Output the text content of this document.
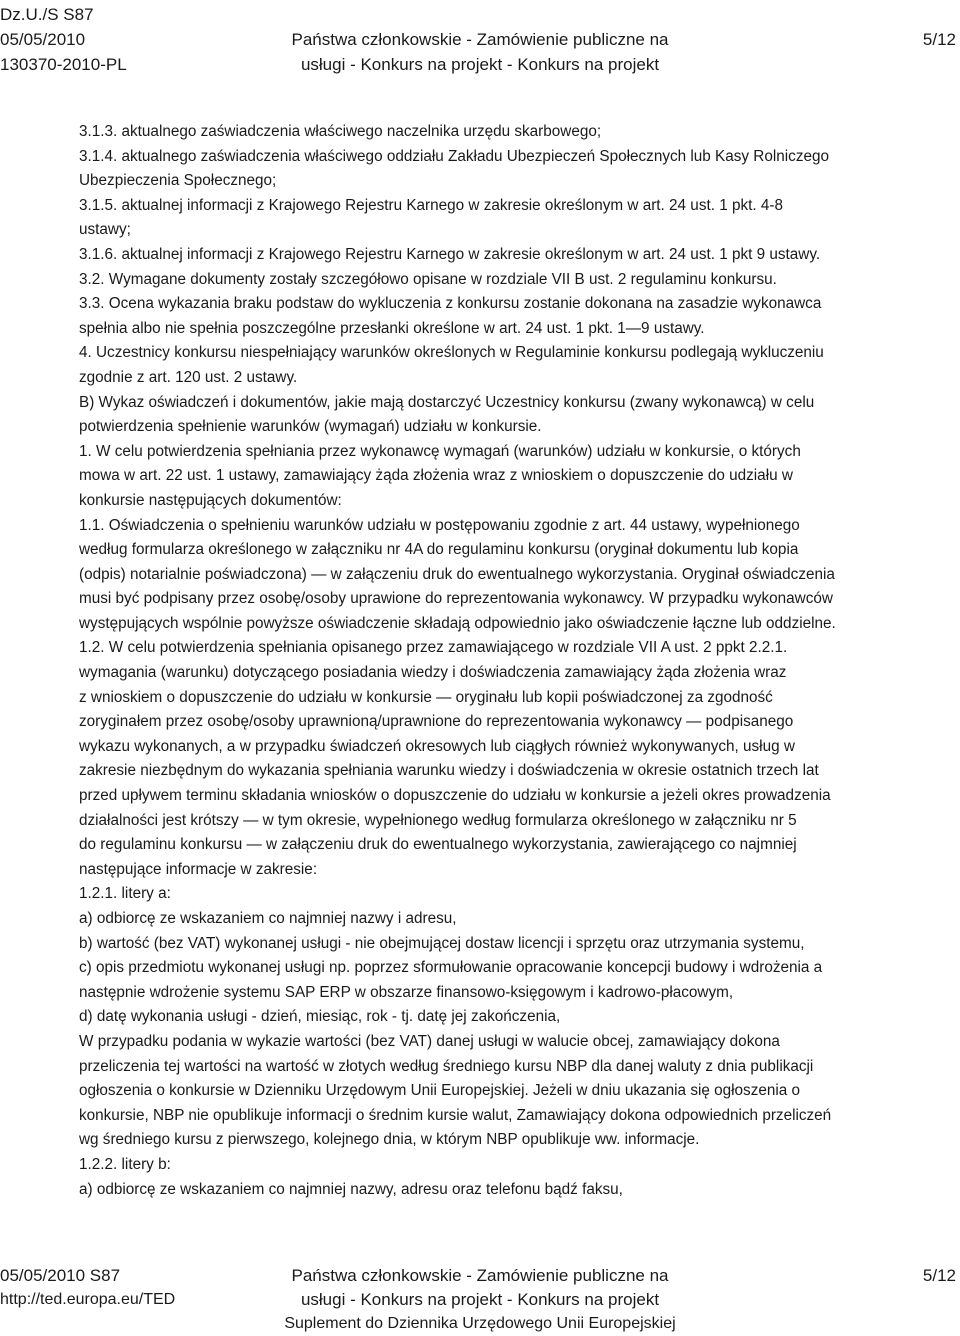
Dz.U./S S87
05/05/2010
130370-2010-PL
Państwa członkowskie - Zamówienie publiczne na
usługi - Konkurs na projekt - Konkurs na projekt
5/12
3.1.3. aktualnego zaświadczenia właściwego naczelnika urzędu skarbowego;
3.1.4. aktualnego zaświadczenia właściwego oddziału Zakładu Ubezpieczeń Społecznych lub Kasy Rolniczego
Ubezpieczenia Społecznego;
3.1.5. aktualnej informacji z Krajowego Rejestru Karnego w zakresie określonym w art. 24 ust. 1 pkt. 4-8
ustawy;
3.1.6. aktualnej informacji z Krajowego Rejestru Karnego w zakresie określonym w art. 24 ust. 1 pkt 9 ustawy.
3.2. Wymagane dokumenty zostały szczegółowo opisane w rozdziale VII B ust. 2 regulaminu konkursu.
3.3. Ocena wykazania braku podstaw do wykluczenia z konkursu zostanie dokonana na zasadzie wykonawca
spełnia albo nie spełnia poszczególne przesłanki określone w art. 24 ust. 1 pkt. 1—9 ustawy.
4. Uczestnicy konkursu niespełniający warunków określonych w Regulaminie konkursu podlegają wykluczeniu
zgodnie z art. 120 ust. 2 ustawy.
B) Wykaz oświadczeń i dokumentów, jakie mają dostarczyć Uczestnicy konkursu (zwany wykonawcą) w celu
potwierdzenia spełnienie warunków (wymagań) udziału w konkursie.
1. W celu potwierdzenia spełniania przez wykonawcę wymagań (warunków) udziału w konkursie, o których
mowa w art. 22 ust. 1 ustawy, zamawiający żąda złożenia wraz z wnioskiem o dopuszczenie do udziału w
konkursie następujących dokumentów:
1.1. Oświadczenia o spełnieniu warunków udziału w postępowaniu zgodnie z art. 44 ustawy, wypełnionego
według formularza określonego w załączniku nr 4A do regulaminu konkursu (oryginał dokumentu lub kopia
(odpis) notarialnie poświadczona) — w załączeniu druk do ewentualnego wykorzystania. Oryginał oświadczenia
musi być podpisany przez osobę/osoby uprawione do reprezentowania wykonawcy. W przypadku wykonawców
występujących wspólnie powyższe oświadczenie składają odpowiednio jako oświadczenie łączne lub oddzielne.
1.2. W celu potwierdzenia spełniania opisanego przez zamawiającego w rozdziale VII A ust. 2 ppkt 2.2.1.
wymagania (warunku) dotyczącego posiadania wiedzy i doświadczenia zamawiający żąda złożenia wraz
z wnioskiem o dopuszczenie do udziału w konkursie — oryginału lub kopii poświadczonej za zgodność
zoryginałem przez osobę/osoby uprawnioną/uprawnione do reprezentowania wykonawcy — podpisanego
wykazu wykonanych, a w przypadku świadczeń okresowych lub ciągłych również wykonywanych, usług w
zakresie niezbędnym do wykazania spełniania warunku wiedzy i doświadczenia w okresie ostatnich trzech lat
przed upływem terminu składania wniosków o dopuszczenie do udziału w konkursie a jeżeli okres prowadzenia
działalności jest krótszy — w tym okresie, wypełnionego według formularza określonego w załączniku nr 5
do regulaminu konkursu — w załączeniu druk do ewentualnego wykorzystania, zawierającego co najmniej
następujące informacje w zakresie:
1.2.1. litery a:
a) odbiorcę ze wskazaniem co najmniej nazwy i adresu,
b) wartość (bez VAT) wykonanej usługi - nie obejmującej dostaw licencji i sprzętu oraz utrzymania systemu,
c) opis przedmiotu wykonanej usługi np. poprzez sformułowanie opracowanie koncepcji budowy i wdrożenia a
następnie wdrożenie systemu SAP ERP w obszarze finansowo-księgowym i kadrowo-płacowym,
d) datę wykonania usługi - dzień, miesiąc, rok - tj. datę jej zakończenia,
W przypadku podania w wykazie wartości (bez VAT) danej usługi w walucie obcej, zamawiający dokona
przeliczenia tej wartości na wartość w złotych według średniego kursu NBP dla danej waluty z dnia publikacji
ogłoszenia o konkursie w Dzienniku Urzędowym Unii Europejskiej. Jeżeli w dniu ukazania się ogłoszenia o
konkursie, NBP nie opublikuje informacji o średnim kursie walut, Zamawiający dokona odpowiednich przeliczeń
wg średniego kursu z pierwszego, kolejnego dnia, w którym NBP opublikuje ww. informacje.
1.2.2. litery b:
a) odbiorcę ze wskazaniem co najmniej nazwy, adresu oraz telefonu bądź faksu,
05/05/2010 S87
http://ted.europa.eu/TED
Państwa członkowskie - Zamówienie publiczne na
usługi - Konkurs na projekt - Konkurs na projekt
Suplement do Dziennika Urzędowego Unii Europejskiej
5/12
